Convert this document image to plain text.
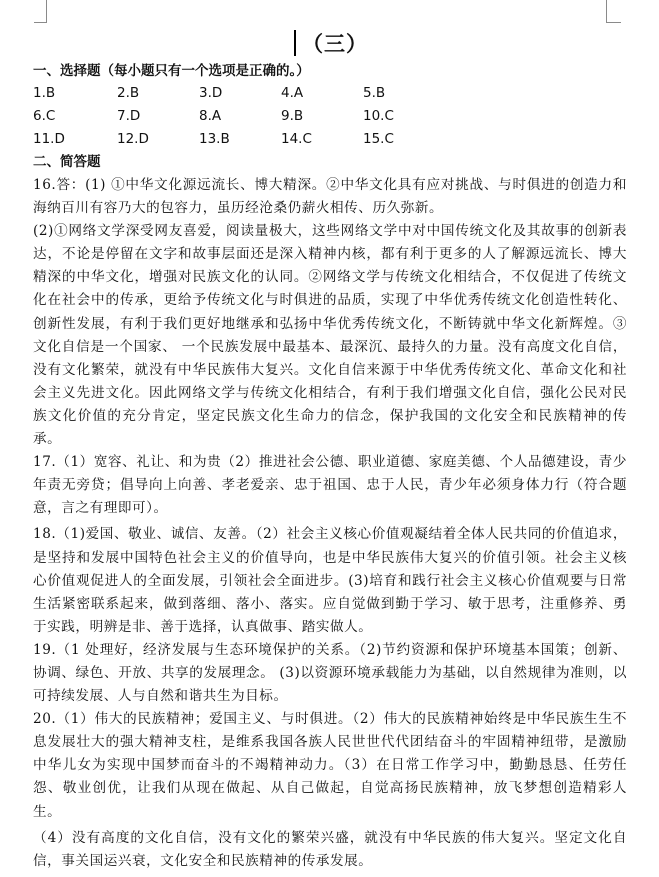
（三）
一、选择题（每小题只有一个选项是正确的。）
1.B	2.B	3.D	4.A	5.B
6.C	7.D	8.A	9.B	10.C
11.D	12.D	13.B	14.C	15.C
二、简答题

16.答：(1) ①中华文化源远流长、博大精深。②中华文化具有应对挑战、与时俱进的创造力和海纳百川有容乃大的包容力，虽历经沧桑仍薪火相传、历久弥新。

(2)①网络文学深受网友喜爱，阅读量极大，这些网络文学中对中国传统文化及其故事的创新表达，不论是停留在文字和故事层面还是深入精神内核，都有利于更多的人了解源远流长、博大精深的中华文化，增强对民族文化的认同。②网络文学与传统文化相结合，不仅促进了传统文化在社会中的传承，更给予传统文化与时俱进的品质，实现了中华优秀传统文化创造性转化、创新性发展，有利于我们更好地继承和弘扬中华优秀传统文化，不断铸就中华文化新辉煌。③文化自信是一个国家、 一个民族发展中最基本、最深沉、最持久的力量。没有高度文化自信，没有文化繁荣，就没有中华民族伟大复兴。文化自信来源于中华优秀传统文化、革命文化和社会主义先进文化。因此网络文学与传统文化相结合，有利于我们增强文化自信，强化公民对民族文化价值的充分肯定，坚定民族文化生命力的信念，保护我国的文化安全和民族精神的传承。

17.（1）宽容、礼让、和为贵（2）推进社会公德、职业道德、家庭美德、个人品德建设，青少年责无旁贷；倡导向上向善、孝老爱亲、忠于祖国、忠于人民，青少年必须身体力行（符合题意，言之有理即可）。

18.（1)爱国、敬业、诚信、友善。（2）社会主义核心价值观凝结着全体人民共同的价值追求，是坚持和发展中国特色社会主义的价值导向，也是中华民族伟大复兴的价值引领。社会主义核心价值观促进人的全面发展，引领社会全面进步。(3)培育和践行社会主义核心价值观要与日常生活紧密联系起来，做到落细、落小、落实。应自觉做到勤于学习、敏于思考，注重修养、勇于实践，明辨是非、善于选择，认真做事、踏实做人。

19.（1 处理好，经济发展与生态环境保护的关系。（2)节约资源和保护环境基本国策；创新、协调、绿色、开放、共享的发展理念。 (3)以资源环境承载能力为基础，以自然规律为准则，以可持续发展、人与自然和谐共生为目标。

20.（1）伟大的民族精神；爱国主义、与时俱进。（2）伟大的民族精神始终是中华民族生生不息发展壮大的强大精神支柱，是维系我国各族人民世世代代团结奋斗的牢固精神纽带，是激励中华儿女为实现中国梦而奋斗的不竭精神动力。（3）在日常工作学习中，勤勤恳恳、任劳任怨、敬业创优，让我们从现在做起、从自己做起，自觉高扬民族精神，放飞梦想创造精彩人生。

（4）没有高度的文化自信，没有文化的繁荣兴盛，就没有中华民族的伟大复兴。坚定文化自信，事关国运兴衰，文化安全和民族精神的传承发展。
